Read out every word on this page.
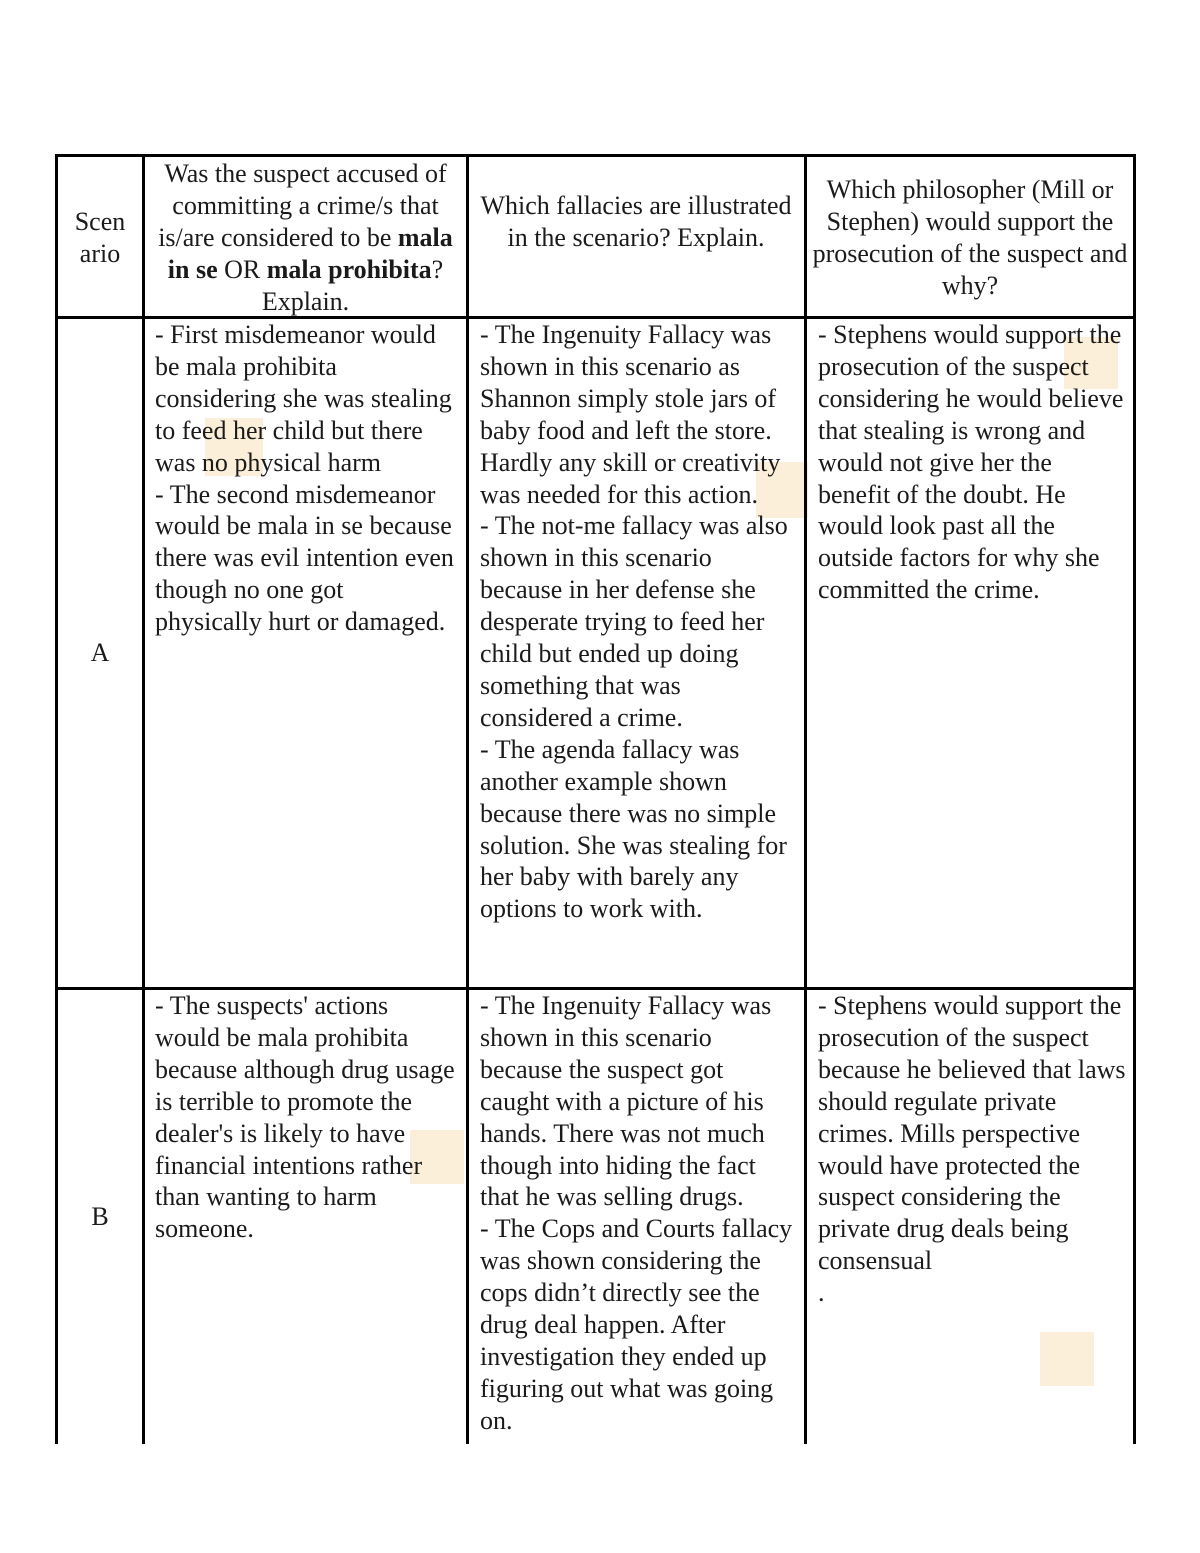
Scen ario
Was the suspect accused of committing a crime/s that is/are considered to be mala in se OR mala prohibita? Explain.
Which fallacies are illustrated in the scenario? Explain.
Which philosopher (Mill or Stephen) would support the prosecution of the suspect and why?
A
- First misdemeanor would be mala prohibita considering she was stealing to feed her child but there was no physical harm
- The second misdemeanor would be mala in se because there was evil intention even though no one got physically hurt or damaged.
- The Ingenuity Fallacy was shown in this scenario as Shannon simply stole jars of baby food and left the store. Hardly any skill or creativity was needed for this action.
- The not-me fallacy was also shown in this scenario because in her defense she desperate trying to feed her child but ended up doing something that was considered a crime.
- The agenda fallacy was another example shown because there was no simple solution. She was stealing for her baby with barely any options to work with.
- Stephens would support the prosecution of the suspect considering he would believe that stealing is wrong and would not give her the benefit of the doubt. He would look past all the outside factors for why she committed the crime.
B
- The suspects' actions would be mala prohibita because although drug usage is terrible to promote the dealer's is likely to have financial intentions rather than wanting to harm someone.
- The Ingenuity Fallacy was shown in this scenario because the suspect got caught with a picture of his hands. There was not much though into hiding the fact that he was selling drugs.
- The Cops and Courts fallacy was shown considering the cops didn’t directly see the drug deal happen. After investigation they ended up figuring out what was going on.
- Stephens would support the prosecution of the suspect because he believed that laws should regulate private crimes. Mills perspective would have protected the suspect considering the private drug deals being consensual
.
